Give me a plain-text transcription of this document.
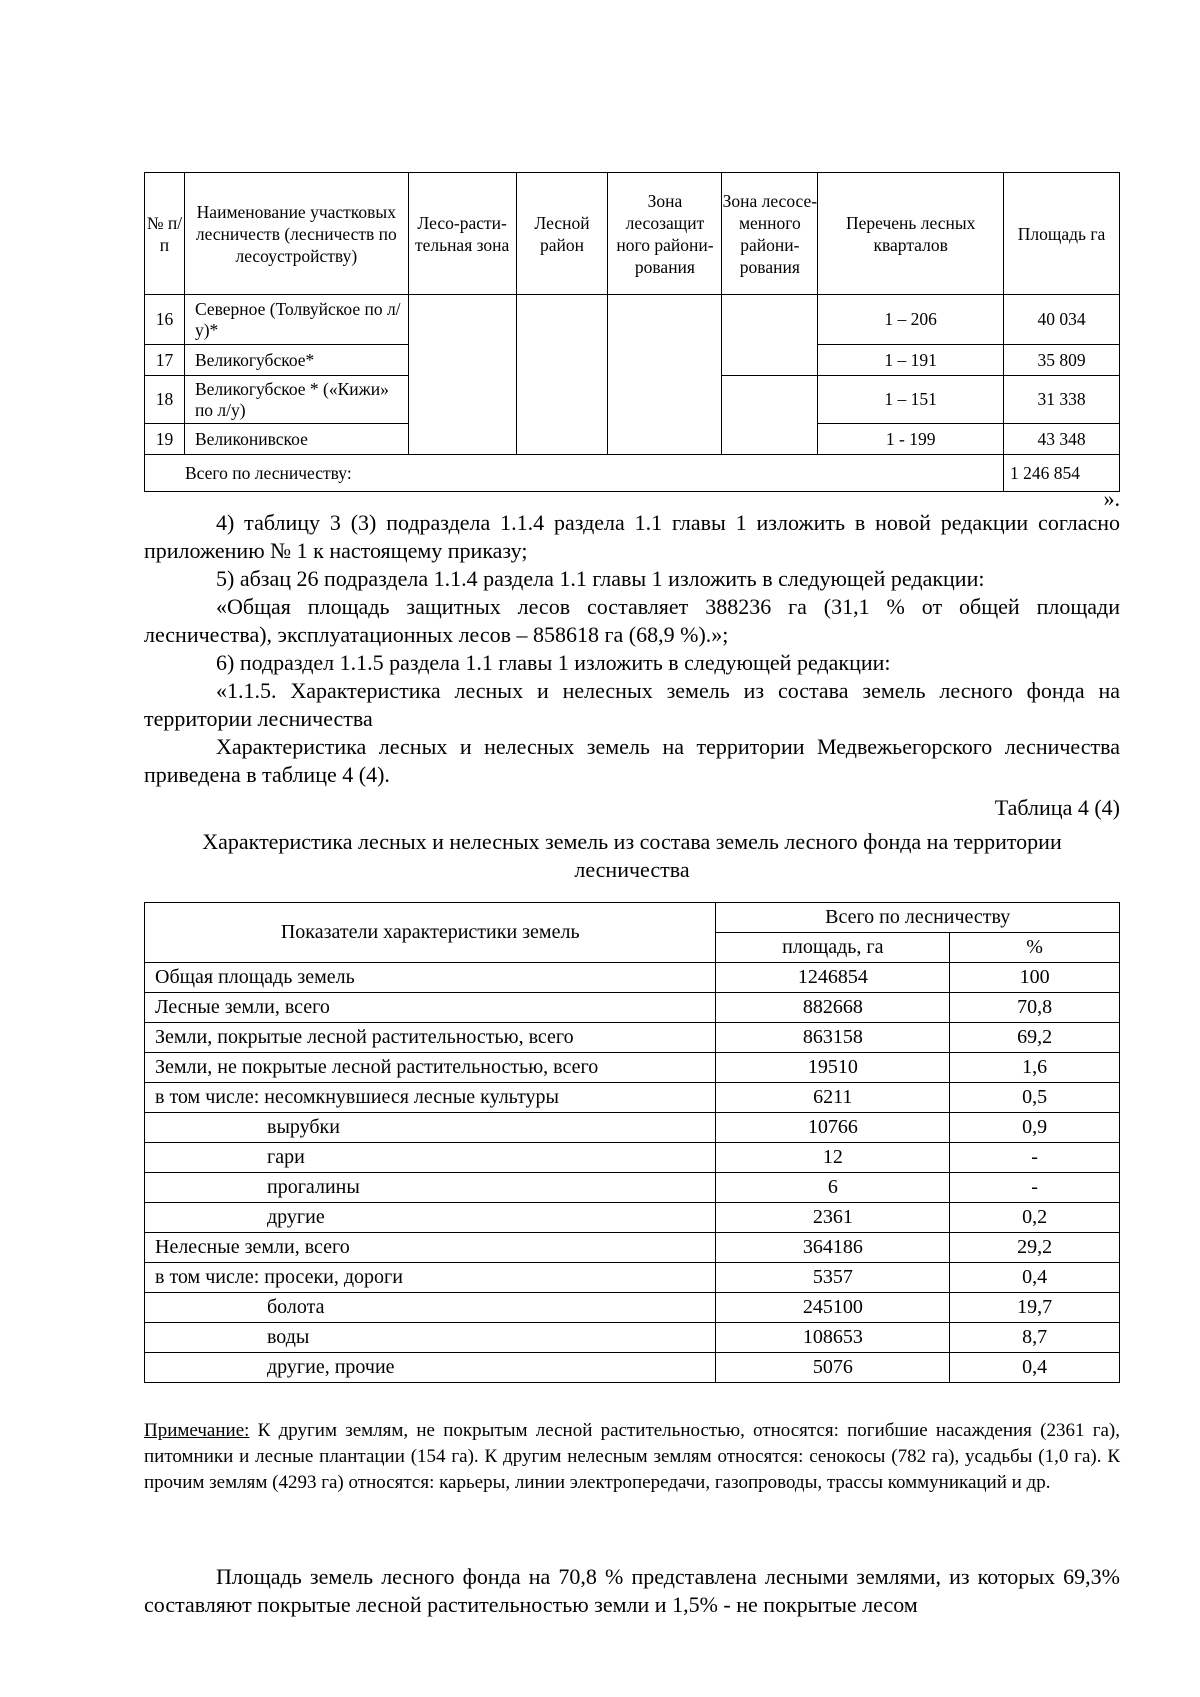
№ п/п	Наименование участковых лесничеств (лесничеств по лесоустройству)	Лесо-расти-тельная зона	Лесной район	Зона лесозащит ного райони-рования	Зона лесосе-менного райони-рования	Перечень лесных кварталов	Площадь га
16	Северное (Толвуйское по л/у)*					1 – 206	40 034
17	Великогубское*					1 – 191	35 809
18	Великогубское * («Кижи» по л/у)					1 – 151	31 338
19	Великонивское					1 - 199	43 348
Всего по лесничеству:							1 246 854
».
4) таблицу 3 (3) подраздела 1.1.4 раздела 1.1 главы 1 изложить в новой редакции согласно приложению № 1 к настоящему приказу;
5) абзац 26 подраздела 1.1.4 раздела 1.1 главы 1 изложить в следующей редакции:
«Общая площадь защитных лесов составляет 388236 га (31,1 % от общей площади лесничества), эксплуатационных лесов – 858618 га (68,9 %).»;
6) подраздел 1.1.5 раздела 1.1 главы 1 изложить в следующей редакции:
«1.1.5. Характеристика лесных и нелесных земель из состава земель лесного фонда на территории лесничества
Характеристика лесных и нелесных земель на территории Медвежьегорского лесничества приведена в таблице 4 (4).
Таблица 4 (4)
Характеристика лесных и нелесных земель из состава земель лесного фонда на территории лесничества
Показатели характеристики земель	Всего по лесничеству	
	площадь, га	%
Общая площадь земель	1246854	100
Лесные земли, всего	882668	70,8
Земли, покрытые лесной растительностью, всего	863158	69,2
Земли, не покрытые лесной растительностью, всего	19510	1,6
в том числе: несомкнувшиеся лесные культуры	6211	0,5
вырубки	10766	0,9
гари	12	-
прогалины	6	-
другие	2361	0,2
Нелесные земли, всего	364186	29,2
в том числе: просеки, дороги	5357	0,4
болота	245100	19,7
воды	108653	8,7
другие, прочие	5076	0,4
Примечание: К другим землям, не покрытым лесной растительностью, относятся: погибшие насаждения (2361 га), питомники и лесные плантации (154 га). К другим нелесным землям относятся: сенокосы (782 га), усадьбы (1,0 га). К прочим землям (4293 га) относятся: карьеры, линии электропередачи, газопроводы, трассы коммуникаций и др.
Площадь земель лесного фонда на 70,8 % представлена лесными землями, из которых 69,3% составляют покрытые лесной растительностью земли и 1,5% - не покрытые лесом
